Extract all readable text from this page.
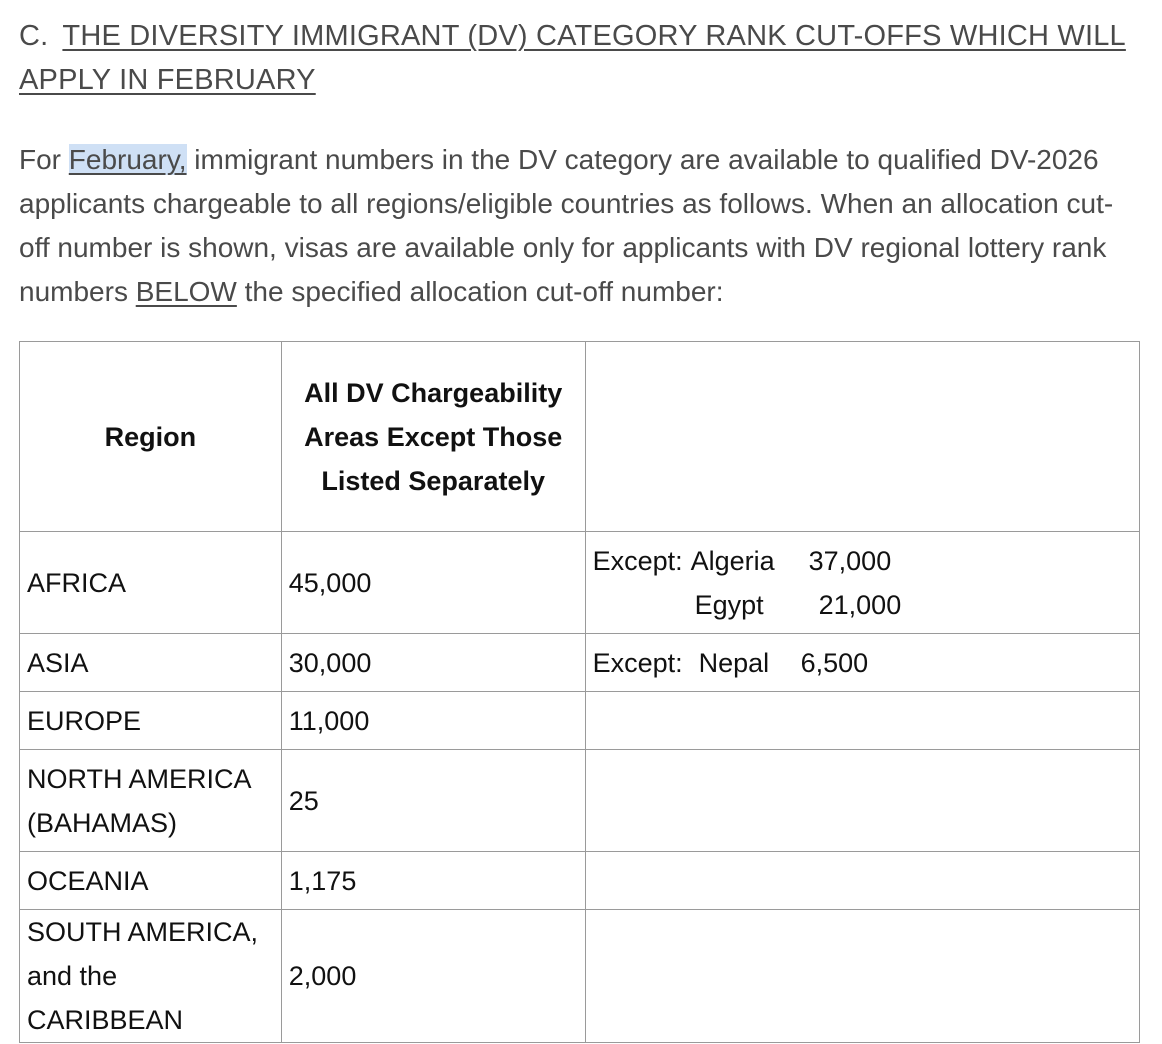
C. THE DIVERSITY IMMIGRANT (DV) CATEGORY RANK CUT-OFFS WHICH WILL APPLY IN FEBRUARY

For February, immigrant numbers in the DV category are available to qualified DV-2026 applicants chargeable to all regions/eligible countries as follows. When an allocation cut-off number is shown, visas are available only for applicants with DV regional lottery rank numbers BELOW the specified allocation cut-off number:

Region	All DV Chargeability Areas Except Those Listed Separately	
AFRICA	45,000	Except: Algeria 37,000
Egypt 21,000

ASIA	30,000	Except: Nepal 6,500

EUROPE	11,000	

NORTH AMERICA
(BAHAMAS)	25	
OCEANIA	1,175	

SOUTH AMERICA,
and the CARIBBEAN	2,000	
